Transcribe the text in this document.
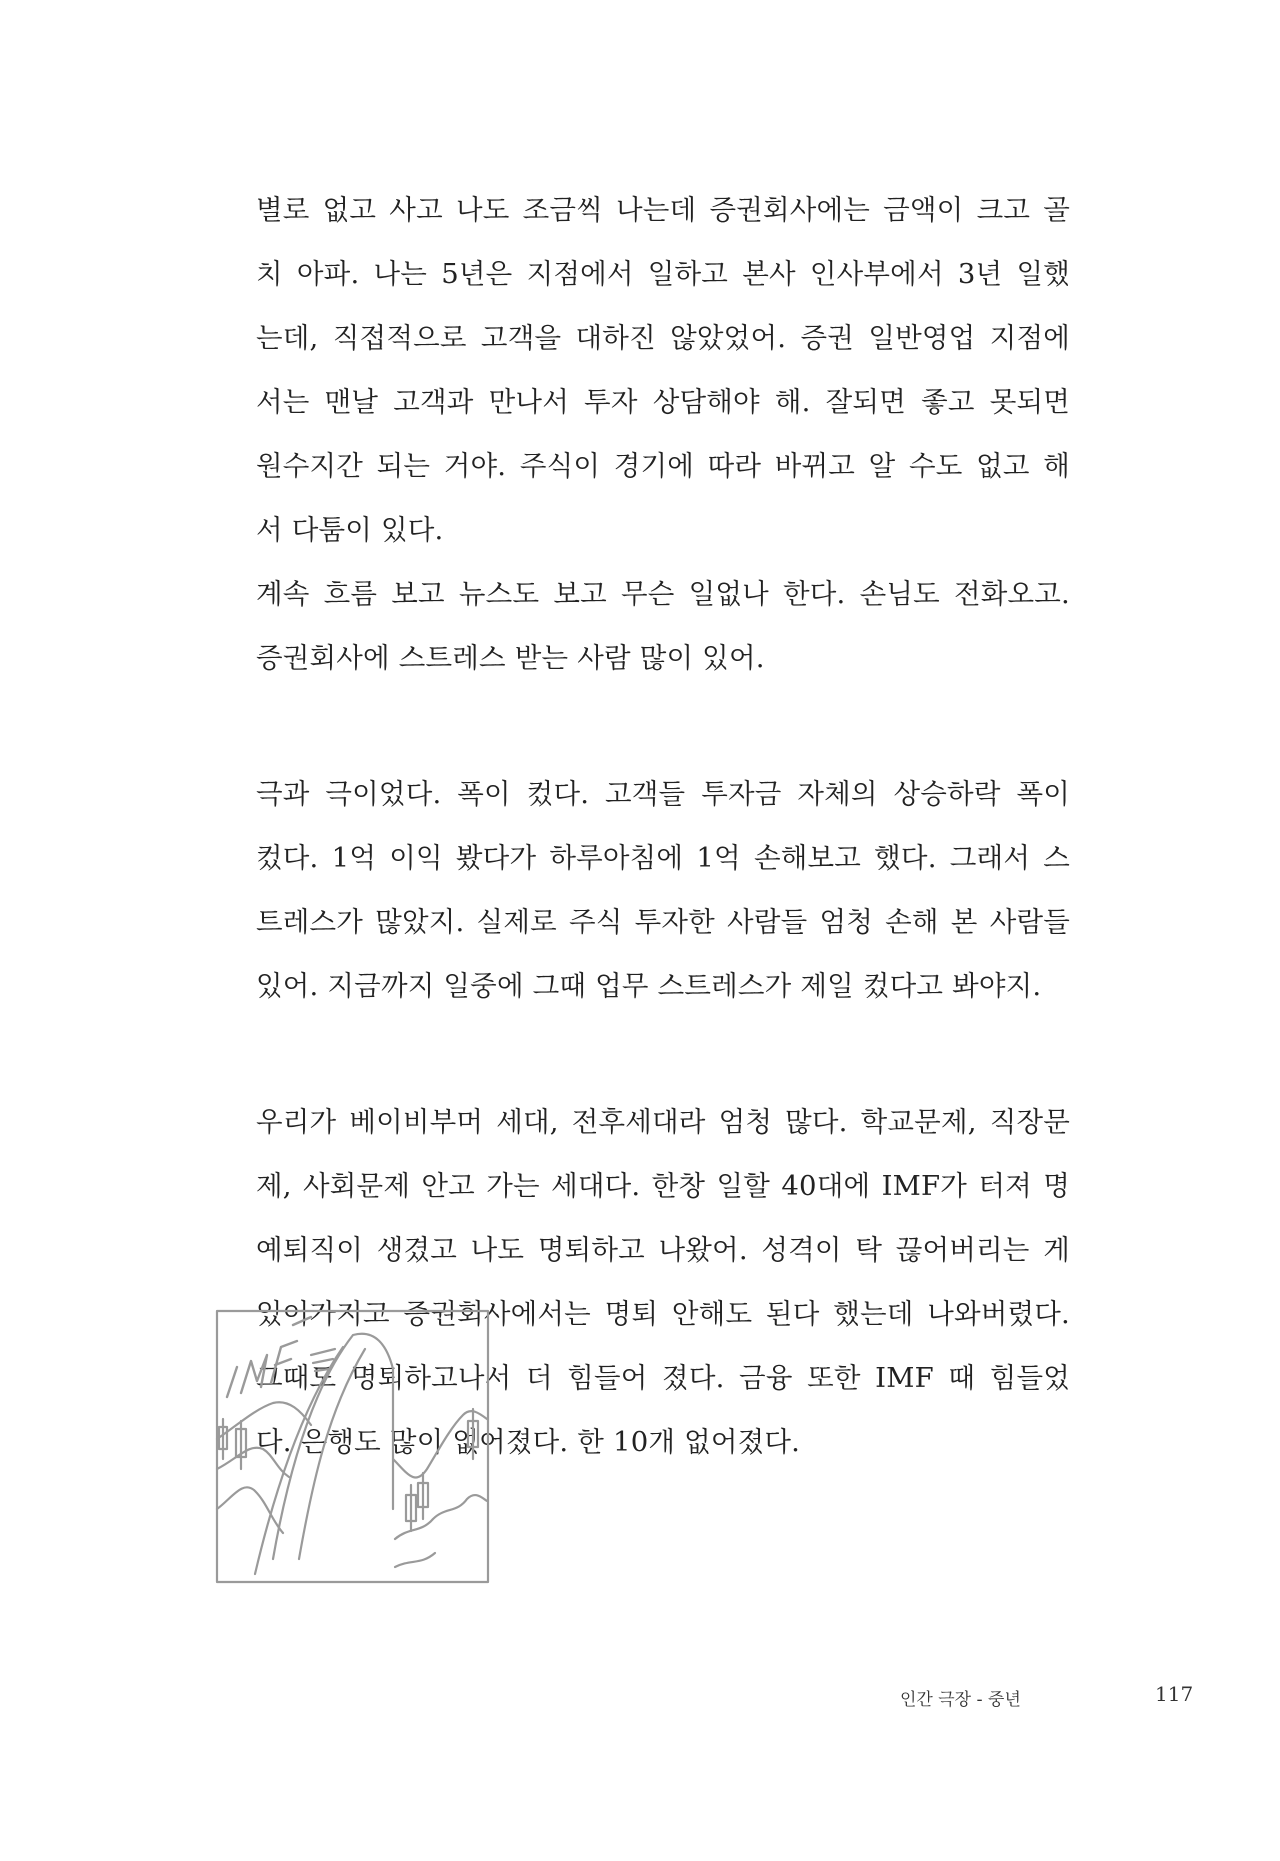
별로 없고 사고 나도 조금씩 나는데 증권회사에는 금액이 크고 골
치 아파. 나는 5년은 지점에서 일하고 본사 인사부에서 3년 일했
는데, 직접적으로 고객을 대하진 않았었어. 증권 일반영업 지점에
서는 맨날 고객과 만나서 투자 상담해야 해. 잘되면 좋고 못되면
원수지간 되는 거야. 주식이 경기에 따라 바뀌고 알 수도 없고 해
서 다툼이 있다.
계속 흐름 보고 뉴스도 보고 무슨 일없나 한다. 손님도 전화오고.
증권회사에 스트레스 받는 사람 많이 있어.
극과 극이었다. 폭이 컸다. 고객들 투자금 자체의 상승하락 폭이
컸다. 1억 이익 봤다가 하루아침에 1억 손해보고 했다. 그래서 스
트레스가 많았지. 실제로 주식 투자한 사람들 엄청 손해 본 사람들
있어. 지금까지 일중에 그때 업무 스트레스가 제일 컸다고 봐야지.
우리가 베이비부머 세대, 전후세대라 엄청 많다. 학교문제, 직장문
제, 사회문제 안고 가는 세대다. 한창 일할 40대에 IMF가 터져 명
예퇴직이 생겼고 나도 명퇴하고 나왔어. 성격이 탁 끊어버리는 게
있어가지고 증권회사에서는 명퇴 안해도 된다 했는데 나와버렸다.
그때도 명퇴하고나서 더 힘들어 졌다. 금융 또한 IMF 때 힘들었
다. 은행도 많이 없어졌다. 한 10개 없어졌다.
인간 극장 - 중년	117
